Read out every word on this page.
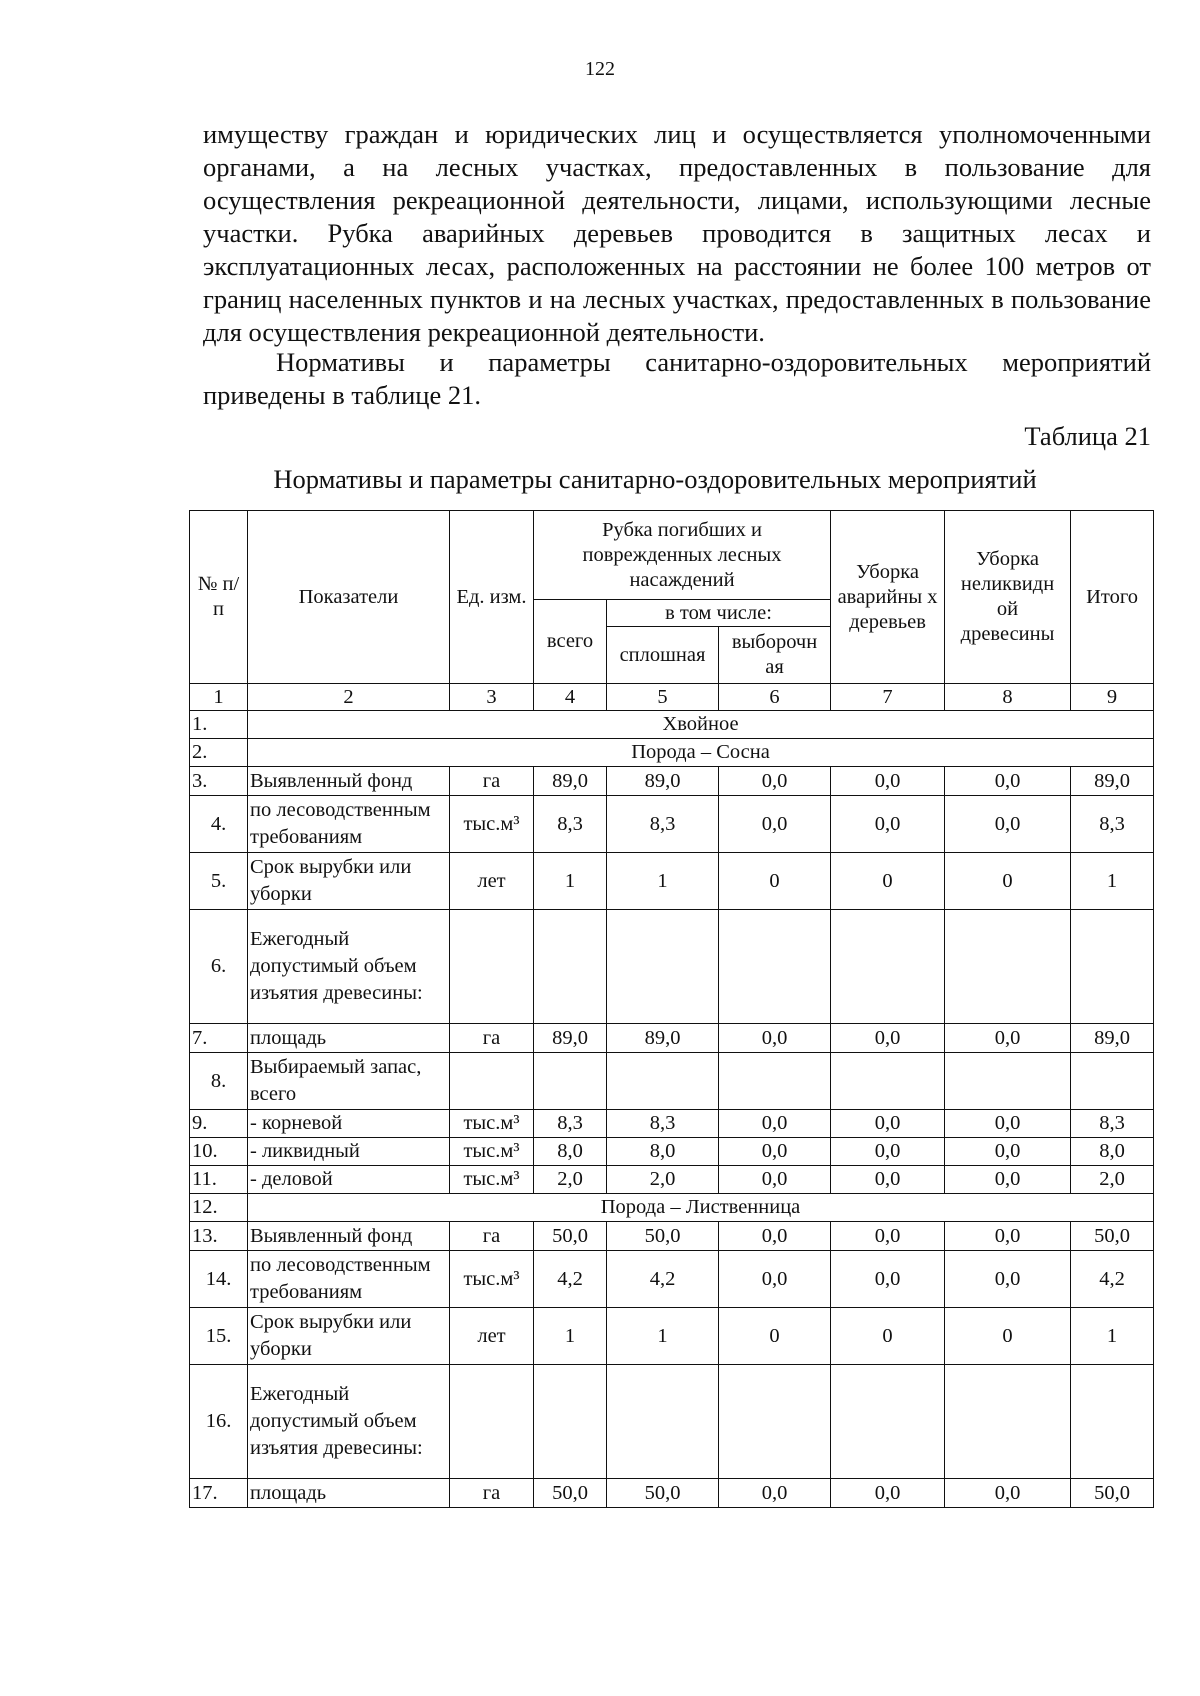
122

имуществу граждан и юридических лиц и осуществляется уполномоченными органами, а на лесных участках, предоставленных в пользование для осуществления рекреационной деятельности, лицами, использующими лесные участки. Рубка аварийных деревьев проводится в защитных лесах и эксплуатационных лесах, расположенных на расстоянии не более 100 метров от границ населенных пунктов и на лесных участках, предоставленных в пользование для осуществления рекреационной деятельности.

Нормативы и параметры санитарно-оздоровительных мероприятий приведены в таблице 21.

Таблица 21
Нормативы и параметры санитарно-оздоровительных мероприятий
№ п/п	Показатели	Ед. изм.	Рубка погибших и поврежденных лесных насаждений			Уборка аварийны х деревьев	Уборка неликвидн ой древесины	Итого
			всего	в том числе:				
				сплошная	выборочн ая			
1	2	3	4	5	6	7	8	9
1.	Хвойное							
2.	Порода – Сосна							
3.	Выявленный фонд	га	89,0	89,0	0,0	0,0	0,0	89,0
4.	по лесоводственным требованиям	тыс.м³	8,3	8,3	0,0	0,0	0,0	8,3
5.	Срок вырубки или уборки	лет	1	1	0	0	0	1
6.	Ежегодный допустимый объем изъятия древесины:							
7.	площадь	га	89,0	89,0	0,0	0,0	0,0	89,0
8.	Выбираемый запас, всего							
9.	- корневой	тыс.м³	8,3	8,3	0,0	0,0	0,0	8,3
10.	- ликвидный	тыс.м³	8,0	8,0	0,0	0,0	0,0	8,0
11.	- деловой	тыс.м³	2,0	2,0	0,0	0,0	0,0	2,0
12.	Порода – Лиственница							
13.	Выявленный фонд	га	50,0	50,0	0,0	0,0	0,0	50,0
14.	по лесоводственным требованиям	тыс.м³	4,2	4,2	0,0	0,0	0,0	4,2
15.	Срок вырубки или уборки	лет	1	1	0	0	0	1
16.	Ежегодный допустимый объем изъятия древесины:							
17.	площадь	га	50,0	50,0	0,0	0,0	0,0	50,0
